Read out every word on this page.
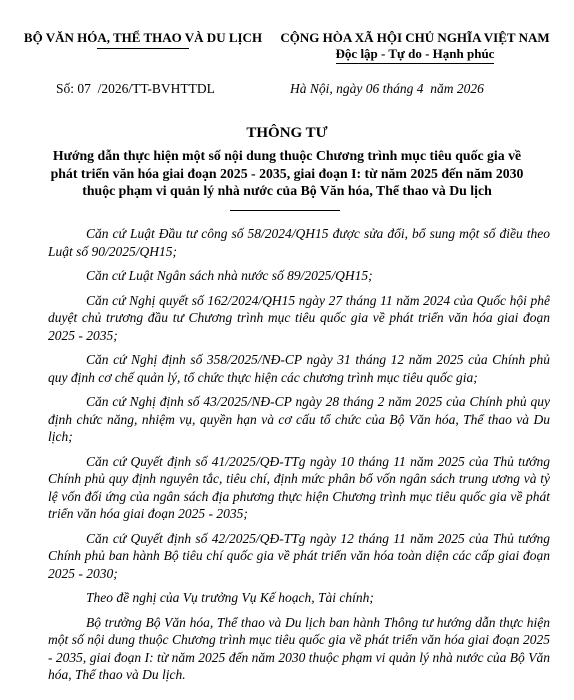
BỘ VĂN HÓA, THỂ THAO VÀ DU LỊCH	CỘNG HÒA XÃ HỘI CHỦ NGHĨA VIỆT NAM
Độc lập - Tự do - Hạnh phúc
Số: 07  /2026/TT-BVHTTDL	Hà Nội, ngày 06 tháng 4  năm 2026
THÔNG TƯ
Hướng dẫn thực hiện một số nội dung thuộc Chương trình mục tiêu quốc gia về phát triển văn hóa giai đoạn 2025 - 2035, giai đoạn I: từ năm 2025 đến năm 2030 thuộc phạm vi quản lý nhà nước của Bộ Văn hóa, Thể thao và Du lịch

Căn cứ Luật Đầu tư công số 58/2024/QH15 được sửa đổi, bổ sung một số điều theo Luật số 90/2025/QH15;

Căn cứ Luật Ngân sách nhà nước số 89/2025/QH15;

Căn cứ Nghị quyết số 162/2024/QH15 ngày 27 tháng 11 năm 2024 của Quốc hội phê duyệt chủ trương đầu tư Chương trình mục tiêu quốc gia về phát triển văn hóa giai đoạn 2025 - 2035;

Căn cứ Nghị định số 358/2025/NĐ-CP ngày 31 tháng 12 năm 2025 của Chính phủ quy định cơ chế quản lý, tổ chức thực hiện các chương trình mục tiêu quốc gia;

Căn cứ Nghị định số 43/2025/NĐ-CP ngày 28 tháng 2 năm 2025 của Chính phủ quy định chức năng, nhiệm vụ, quyền hạn và cơ cấu tổ chức của Bộ Văn hóa, Thể thao và Du lịch;

Căn cứ Quyết định số 41/2025/QĐ-TTg ngày 10 tháng 11 năm 2025 của Thủ tướng Chính phủ quy định nguyên tắc, tiêu chí, định mức phân bổ vốn ngân sách trung ương và tỷ lệ vốn đối ứng của ngân sách địa phương thực hiện Chương trình mục tiêu quốc gia về phát triển văn hóa giai đoạn 2025 - 2035;

Căn cứ Quyết định số 42/2025/QĐ-TTg ngày 12 tháng 11 năm 2025 của Thủ tướng Chính phủ ban hành Bộ tiêu chí quốc gia về phát triển văn hóa toàn diện các cấp giai đoạn 2025 - 2030;

Theo đề nghị của Vụ trưởng Vụ Kế hoạch, Tài chính;

Bộ trưởng Bộ Văn hóa, Thể thao và Du lịch ban hành Thông tư hướng dẫn thực hiện một số nội dung thuộc Chương trình mục tiêu quốc gia về phát triển văn hóa giai đoạn 2025 - 2035, giai đoạn I: từ năm 2025 đến năm 2030 thuộc phạm vi quản lý nhà nước của Bộ Văn hóa, Thể thao và Du lịch.
